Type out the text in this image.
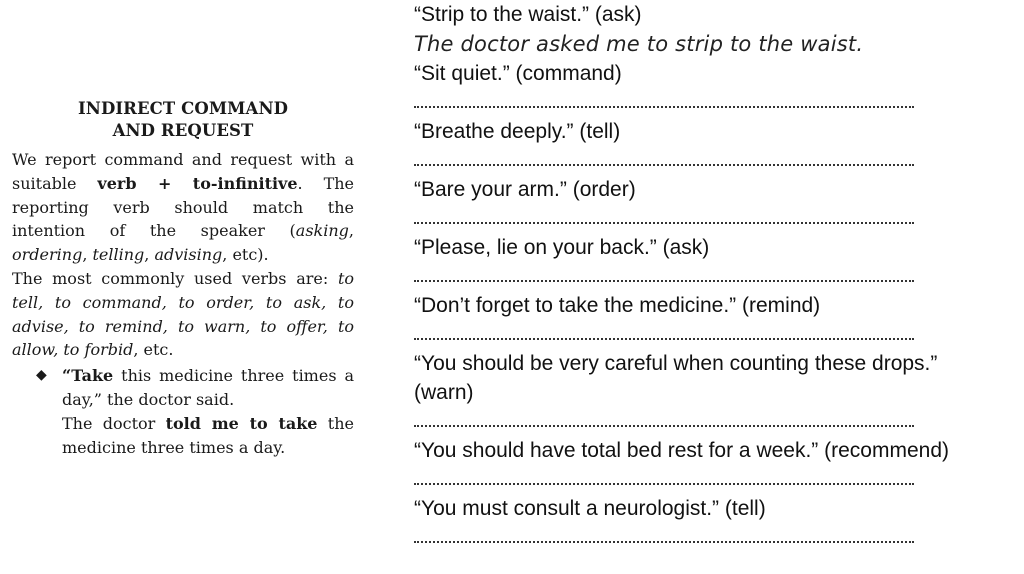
INDIRECT COMMAND
AND REQUEST

We report command and request with a suitable verb + to-infinitive. The reporting verb should match the intention of the speaker (asking, ordering, telling, advising, etc).

The most commonly used verbs are: to tell, to command, to order, to ask, to advise, to remind, to warn, to offer, to allow, to forbid, etc.

◆ “Take this medicine three times a day,” the doctor said.
The doctor told me to take the medicine three times a day.

“Strip to the waist.” (ask)

The doctor asked me to strip to the waist.

“Sit quiet.” (command)

“Breathe deeply.” (tell)

“Bare your arm.” (order)

“Please, lie on your back.” (ask)

“Don’t forget to take the medicine.” (remind)

“You should be very careful when counting these drops.”

(warn)

“You should have total bed rest for a week.” (recommend)

“You must consult a neurologist.” (tell)
